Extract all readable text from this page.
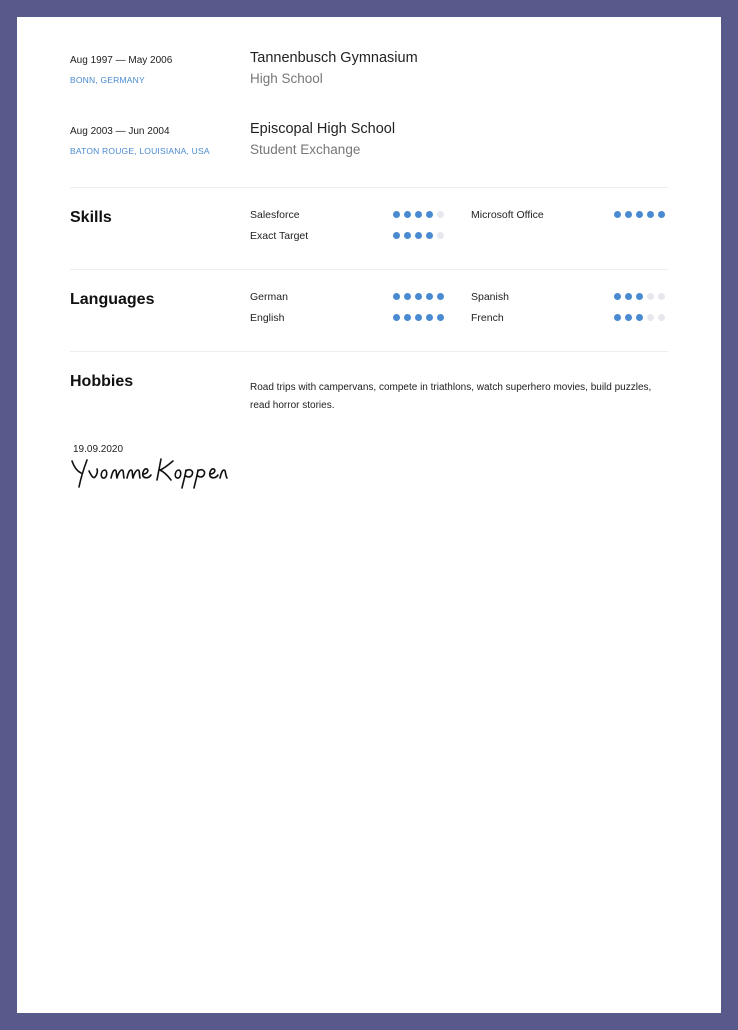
Aug 1997 — May 2006
BONN, GERMANY
Tannenbusch Gymnasium
High School
Aug 2003 — Jun 2004
BATON ROUGE, LOUISIANA, USA
Episcopal High School
Student Exchange
Skills	Salesforce	Microsoft Office
Exact Target
Languages	German	Spanish
English	French
Hobbies	Road trips with campervans, compete in triathlons, watch superhero movies, build puzzles, read horror stories.
19.09.2020
